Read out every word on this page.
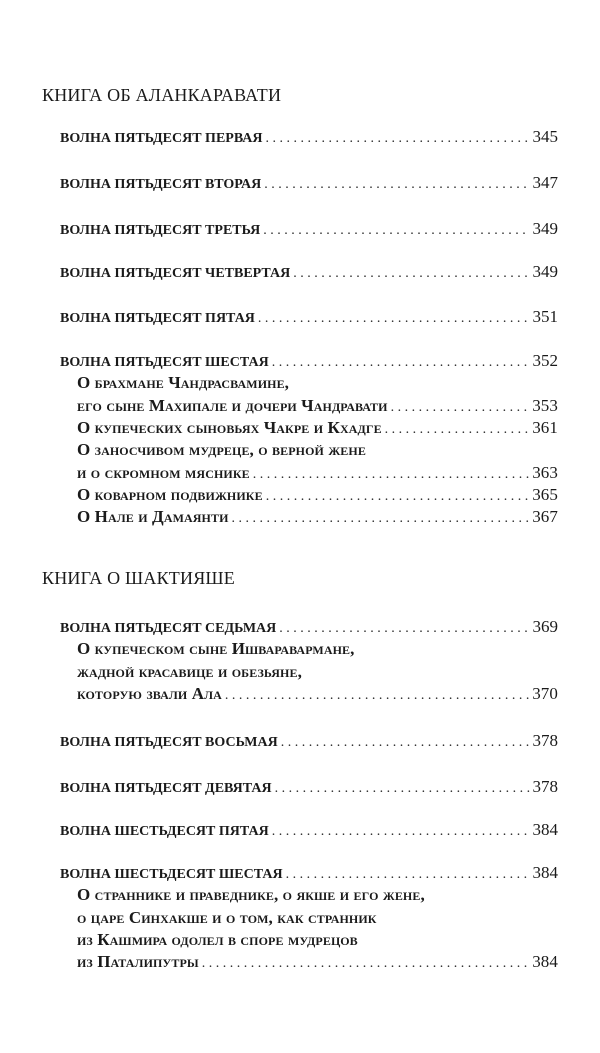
КНИГА ОБ АЛАНКАРАВАТИ
ВОЛНА ПЯТЬДЕСЯТ ПЕРВАЯ . . .	345
ВОЛНА ПЯТЬДЕСЯТ ВТОРАЯ . . .	347
ВОЛНА ПЯТЬДЕСЯТ ТРЕТЬЯ . . .	349
ВОЛНА ПЯТЬДЕСЯТ ЧЕТВЕРТАЯ . . .	349
ВОЛНА ПЯТЬДЕСЯТ ПЯТАЯ . . .	351
ВОЛНА ПЯТЬДЕСЯТ ШЕСТАЯ . . .	352
О брахмане Чандрасвамине,
его сыне Махипале и дочери Чандравати . . .	353
О купеческих сыновьях Чакре и Кхадге . . .	361
О заносчивом мудреце, о верной жене
и о скромном мяснике . . .	363
О коварном подвижнике . . .	365
О Нале и Дамаянти . . .	367
КНИГА О ШАКТИЯШЕ
ВОЛНА ПЯТЬДЕСЯТ СЕДЬМАЯ . . .	369
О купеческом сыне Ишваравармане,
жадной красавице и обезьяне,
которую звали Ала . . .	370
ВОЛНА ПЯТЬДЕСЯТ ВОСЬМАЯ . . .	378
ВОЛНА ПЯТЬДЕСЯТ ДЕВЯТАЯ . . .	378
ВОЛНА ШЕСТЬДЕСЯТ ПЯТАЯ . . .	384
ВОЛНА ШЕСТЬДЕСЯТ ШЕСТАЯ . . .	384
О страннике и праведнике, о якше и его жене,
о царе Синхакше и о том, как странник
из Кашмира одолел в споре мудрецов
из Паталипутры . . .	384
